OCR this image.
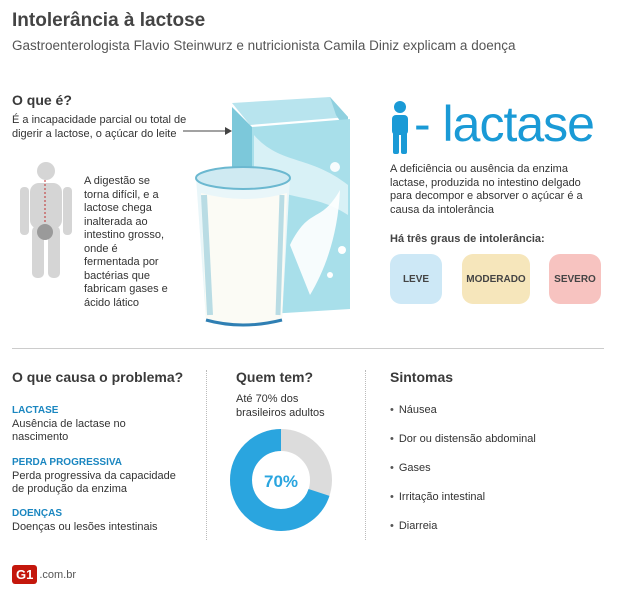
Intolerância à lactose
Gastroenterologista Flavio Steinwurz e nutricionista Camila Diniz explicam a doença
O que é?
É a incapacidade parcial ou total de
digerir a lactose, o açúcar do leite
A digestão se
torna difícil, e a
lactose chega
inalterada ao
intestino grosso,
onde é
fermentada por
bactérias que
fabricam gases e
ácido lático
- lactase
A deficiência ou ausência da enzima
lactase, produzida no intestino delgado
para decompor e absorver o açúcar é a
causa da intolerância
Há três graus de intolerância:
LEVE	MODERADO	SEVERO
O que causa o problema?
LACTASE
Ausência de lactase no
nascimento
PERDA PROGRESSIVA
Perda progressiva da capacidade
de produção da enzima
DOENÇAS
Doenças ou lesões intestinais
Quem tem?
Até 70% dos
brasileiros adultos
70%
Sintomas
• Náusea
• Dor ou distensão abdominal
• Gases
• Irritação intestinal
• Diarreia
G1 .com.br
